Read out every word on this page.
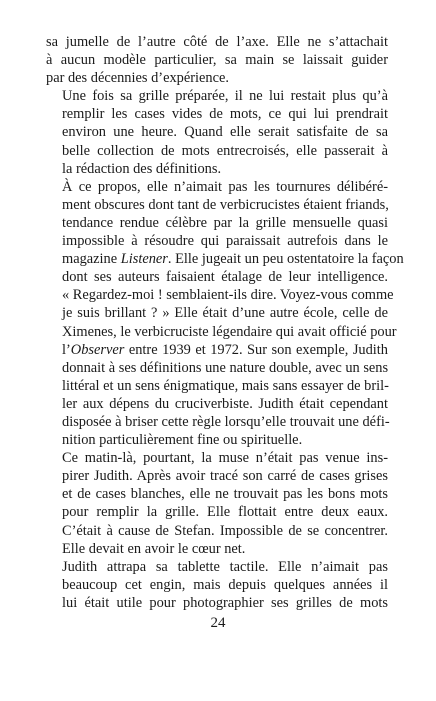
sa jumelle de l’autre côté de l’axe. Elle ne s’attachait
à aucun modèle particulier, sa main se laissait guider
par des décennies d’expérience.
Une fois sa grille préparée, il ne lui restait plus qu’à
remplir les cases vides de mots, ce qui lui prendrait
environ une heure. Quand elle serait satisfaite de sa
belle collection de mots entrecroisés, elle passerait à
la rédaction des définitions.
À ce propos, elle n’aimait pas les tournures délibéré-
ment obscures dont tant de verbicrucistes étaient friands,
tendance rendue célèbre par la grille mensuelle quasi
impossible à résoudre qui paraissait autrefois dans le
magazine Listener. Elle jugeait un peu ostentatoire la façon
dont ses auteurs faisaient étalage de leur intelligence.
« Regardez-moi ! semblaient-ils dire. Voyez-vous comme
je suis brillant ? » Elle était d’une autre école, celle de
Ximenes, le verbicruciste légendaire qui avait officié pour
l’Observer entre 1939 et 1972. Sur son exemple, Judith
donnait à ses définitions une nature double, avec un sens
littéral et un sens énigmatique, mais sans essayer de bril-
ler aux dépens du cruciverbiste. Judith était cependant
disposée à briser cette règle lorsqu’elle trouvait une défi-
nition particulièrement fine ou spirituelle.
Ce matin-là, pourtant, la muse n’était pas venue ins-
pirer Judith. Après avoir tracé son carré de cases grises
et de cases blanches, elle ne trouvait pas les bons mots
pour remplir la grille. Elle flottait entre deux eaux.
C’était à cause de Stefan. Impossible de se concentrer.
Elle devait en avoir le cœur net.
Judith attrapa sa tablette tactile. Elle n’aimait pas
beaucoup cet engin, mais depuis quelques années il
lui était utile pour photographier ses grilles de mots
24
